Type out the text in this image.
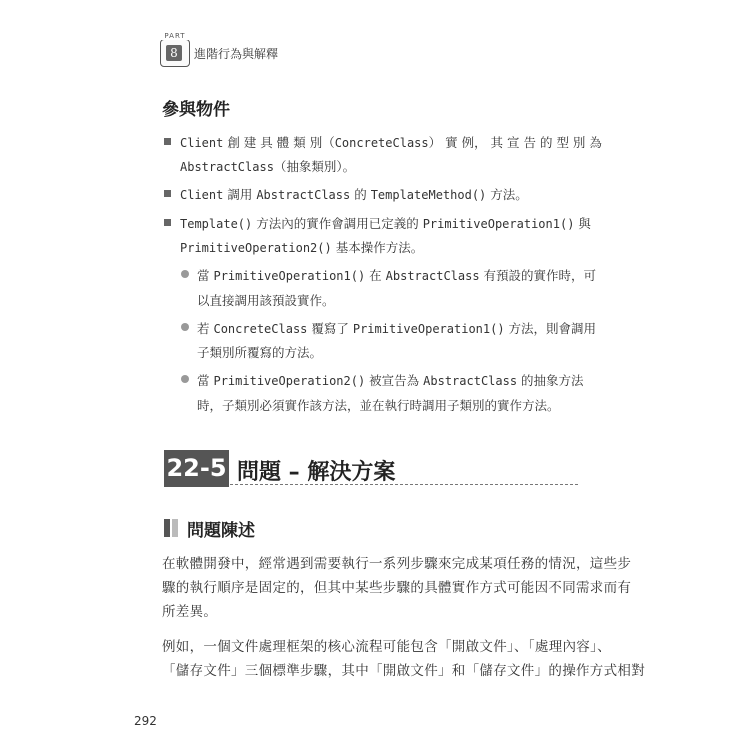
PART
8	進階行為與解釋
參與物件
Client 創 建 具 體 類 別（ConcreteClass） 實 例， 其 宣 告 的 型 別 為
AbstractClass（抽象類別）。
Client 調用 AbstractClass 的 TemplateMethod() 方法。
Template() 方法內的實作會調用已定義的 PrimitiveOperation1() 與
PrimitiveOperation2() 基本操作方法。
當 PrimitiveOperation1() 在 AbstractClass 有預設的實作時，可
以直接調用該預設實作。
若 ConcreteClass 覆寫了 PrimitiveOperation1() 方法，則會調用
子類別所覆寫的方法。
當 PrimitiveOperation2() 被宣告為 AbstractClass 的抽象方法
時，子類別必須實作該方法，並在執行時調用子類別的實作方法。
22-5 問題 – 解決方案
問題陳述
在軟體開發中，經常遇到需要執行一系列步驟來完成某項任務的情況，這些步
驟的執行順序是固定的，但其中某些步驟的具體實作方式可能因不同需求而有
所差異。
例如，一個文件處理框架的核心流程可能包含「開啟文件」、「處理內容」、
「儲存文件」三個標準步驟，其中「開啟文件」和「儲存文件」的操作方式相對
292
